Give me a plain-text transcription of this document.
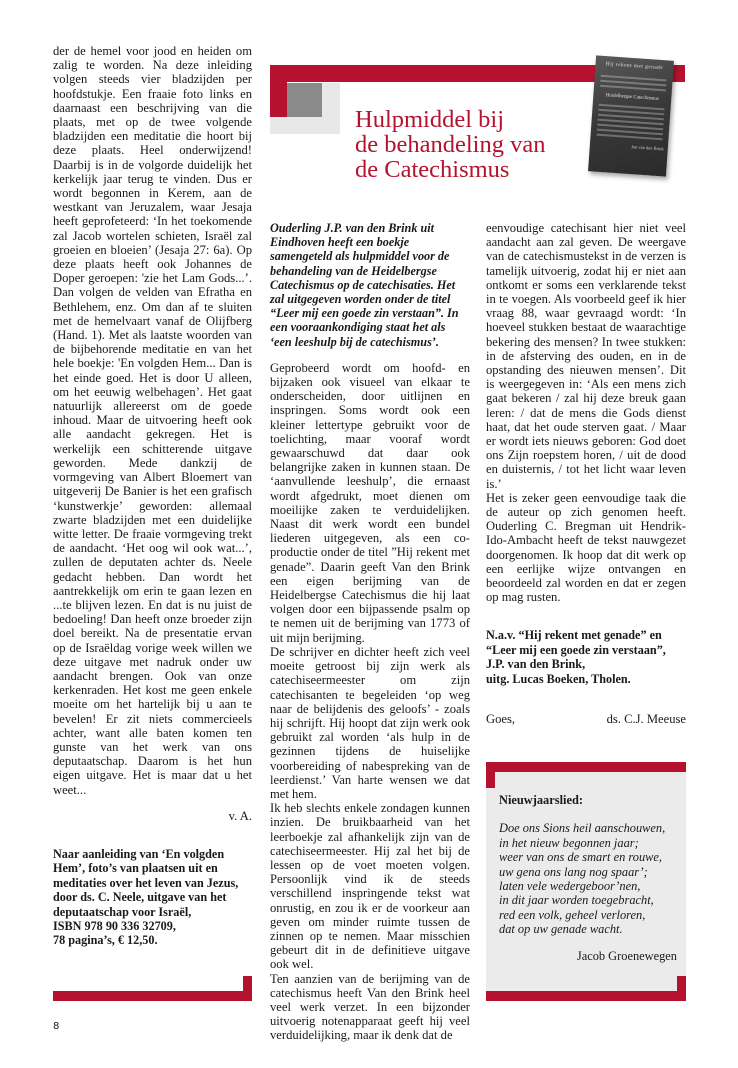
der de hemel voor jood en heiden om zalig te worden. Na deze inleiding volgen steeds vier bladzijden per hoofdstukje. Een fraaie foto links en daarnaast een beschrijving van die plaats, met op de twee volgende bladzijden een meditatie die hoort bij deze plaats. Heel onderwijzend! Daarbij is in de volgorde duidelijk het kerkelijk jaar terug te vinden. Dus er wordt begonnen in Kerem, aan de westkant van Jeruzalem, waar Jesaja heeft geprofeteerd: ‘In het toekomende zal Jacob wortelen schieten, Israël zal groeien en bloeien’ (Jesaja 27: 6a). Op deze plaats heeft ook Johannes de Doper geroepen: 'zie het Lam Gods...’. Dan volgen de velden van Efratha en Bethlehem, enz. Om dan af te sluiten met de hemelvaart vanaf de Olijfberg (Hand. 1). Met als laatste woorden van de bijbehorende meditatie en van het hele boekje: 'En volgden Hem... Dan is het einde goed. Het is door U alleen, om het eeuwig welbehagen’. Het gaat natuurlijk allereerst om de goede inhoud. Maar de uitvoering heeft ook alle aandacht gekregen. Het is werkelijk een schitterende uitgave geworden. Mede dankzij de vormgeving van Albert Bloemert van uitgeverij De Banier is het een grafisch ‘kunstwerkje’ geworden: allemaal zwarte bladzijden met een duidelijke witte letter. De fraaie vormgeving trekt de aandacht. ‘Het oog wil ook wat...’, zullen de deputaten achter ds. Neele gedacht hebben. Dan wordt het aantrekkelijk om erin te gaan lezen en ...te blijven lezen. En dat is nu juist de bedoeling! Dan heeft onze broeder zijn doel bereikt. Na de presentatie ervan op de Israëldag vorige week willen we deze uitgave met nadruk onder uw aandacht brengen. Ook van onze kerkenraden. Het kost me geen enkele moeite om het hartelijk bij u aan te bevelen! Er zit niets commercieels achter, want alle baten komen ten gunste van het werk van ons deputaatschap. Daarom is het hun eigen uitgave. Het is maar dat u het weet...

v. A.

Naar aanleiding van ‘En volgden
Hem’, foto’s van plaatsen uit en
meditaties over het leven van Jezus,
door ds. C. Neele, uitgave van het
deputaatschap voor Israël,
ISBN 978 90 336 32709,
78 pagina’s, € 12,50.
8
Hulpmiddel bij
de behandeling van
de Catechismus
Hij rekent met genade
Heidelbergse Catechismus
Jan van den Brink

Ouderling J.P. van den Brink uit Eindhoven heeft een boekje samengeteld als hulpmiddel voor de behandeling van de Heidelbergse Catechismus op de catechisaties. Het zal uitgegeven worden onder de titel “Leer mij een goede zin verstaan”. In een vooraankondiging staat het als ‘een leeshulp bij de catechismus’.

Geprobeerd wordt om hoofd- en bijzaken ook visueel van elkaar te onderscheiden, door uitlijnen en inspringen. Soms wordt ook een kleiner lettertype gebruikt voor de toelichting, maar vooraf wordt gewaarschuwd dat daar ook belangrijke zaken in kunnen staan. De ‘aanvullende leeshulp’, die ernaast wordt afgedrukt, moet dienen om moeilijke zaken te verduidelijken. Naast dit werk wordt een bundel liederen uitgegeven, als een co-productie onder de titel ”Hij rekent met genade”. Daarin geeft Van den Brink een eigen berijming van de Heidelbergse Catechismus die hij laat volgen door een bijpassende psalm op te nemen uit de berijming van 1773 of uit mijn berijming.

De schrijver en dichter heeft zich veel moeite getroost bij zijn werk als catechiseermeester om zijn catechisanten te begeleiden ‘op weg naar de belijdenis des geloofs’ - zoals hij schrijft. Hij hoopt dat zijn werk ook gebruikt zal worden ‘als hulp in de gezinnen tijdens de huiselijke voorbereiding of nabespreking van de leerdienst.’ Van harte wensen we dat met hem.

Ik heb slechts enkele zondagen kunnen inzien. De bruikbaarheid van het leerboekje zal afhankelijk zijn van de catechiseermeester. Hij zal het bij de lessen op de voet moeten volgen. Persoonlijk vind ik de steeds verschillend inspringende tekst wat onrustig, en zou ik er de voorkeur aan geven om minder ruimte tussen de zinnen op te nemen. Maar misschien gebeurt dit in de definitieve uitgave ook wel.

Ten aanzien van de berijming van de catechismus heeft Van den Brink heel veel werk verzet. In een bijzonder uitvoerig notenapparaat geeft hij veel verduidelijking, maar ik denk dat de

eenvoudige catechisant hier niet veel aandacht aan zal geven. De weergave van de catechismustekst in de verzen is tamelijk uitvoerig, zodat hij er niet aan ontkomt er soms een verklarende tekst in te voegen. Als voorbeeld geef ik hier vraag 88, waar gevraagd wordt: ‘In hoeveel stukken bestaat de waarachtige bekering des mensen? In twee stukken: in de afsterving des ouden, en in de opstanding des nieuwen mensen’. Dit is weergegeven in: ‘Als een mens zich gaat bekeren / zal hij deze breuk gaan leren: / dat de mens die Gods dienst haat, dat het oude sterven gaat. / Maar er wordt iets nieuws geboren: God doet ons Zijn roepstem horen, / uit de dood en duisternis, / tot het licht waar leven is.’

Het is zeker geen eenvoudige taak die de auteur op zich genomen heeft. Ouderling C. Bregman uit Hendrik-Ido-Ambacht heeft de tekst nauwgezet doorgenomen. Ik hoop dat dit werk op een eerlijke wijze ontvangen en beoordeeld zal worden en dat er zegen op mag rusten.

N.a.v. “Hij rekent met genade” en
“Leer mij een goede zin verstaan”,
J.P. van den Brink,
uitg. Lucas Boeken, Tholen.
Goes,	ds. C.J. Meeuse

Nieuwjaarslied:

Doe ons Sions heil aanschouwen,

in het nieuw begonnen jaar;

weer van ons de smart en rouwe,

uw gena ons lang nog spaar’;

laten vele wedergeboor’nen,

in dit jaar worden toegebracht,

red een volk, geheel verloren,

dat op uw genade wacht.

Jacob Groenewegen
